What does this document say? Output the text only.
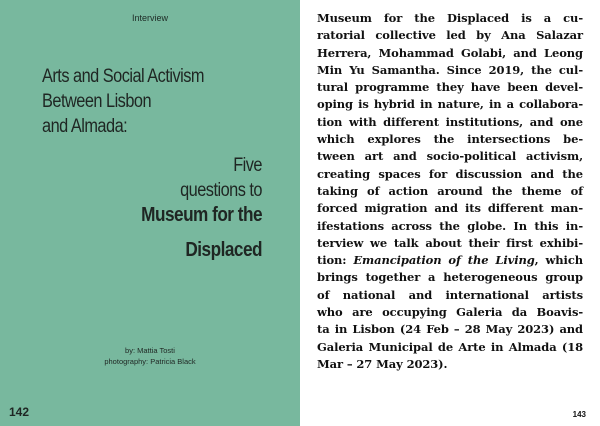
Interview
Arts and Social Activism
Between Lisbon
and Almada:
Five
questions to
Museum for the
Displaced
by: Mattia Tosti
photography: Patricia Black
142
Museum for the Displaced is a cu-
ratorial collective led by Ana Salazar
Herrera, Mohammad Golabi, and Leong
Min Yu Samantha. Since 2019, the cul-
tural programme they have been devel-
oping is hybrid in nature, in a collabora-
tion with different institutions, and one
which explores the intersections be-
tween art and socio-political activism,
creating spaces for discussion and the
taking of action around the theme of
forced migration and its different man-
ifestations across the globe. In this in-
terview we talk about their first exhibi-
tion: Emancipation of the Living, which
brings together a heterogeneous group
of national and international artists
who are occupying Galeria da Boavis-
ta in Lisbon (24 Feb – 28 May 2023) and
Galeria Municipal de Arte in Almada (18
Mar – 27 May 2023).
143
